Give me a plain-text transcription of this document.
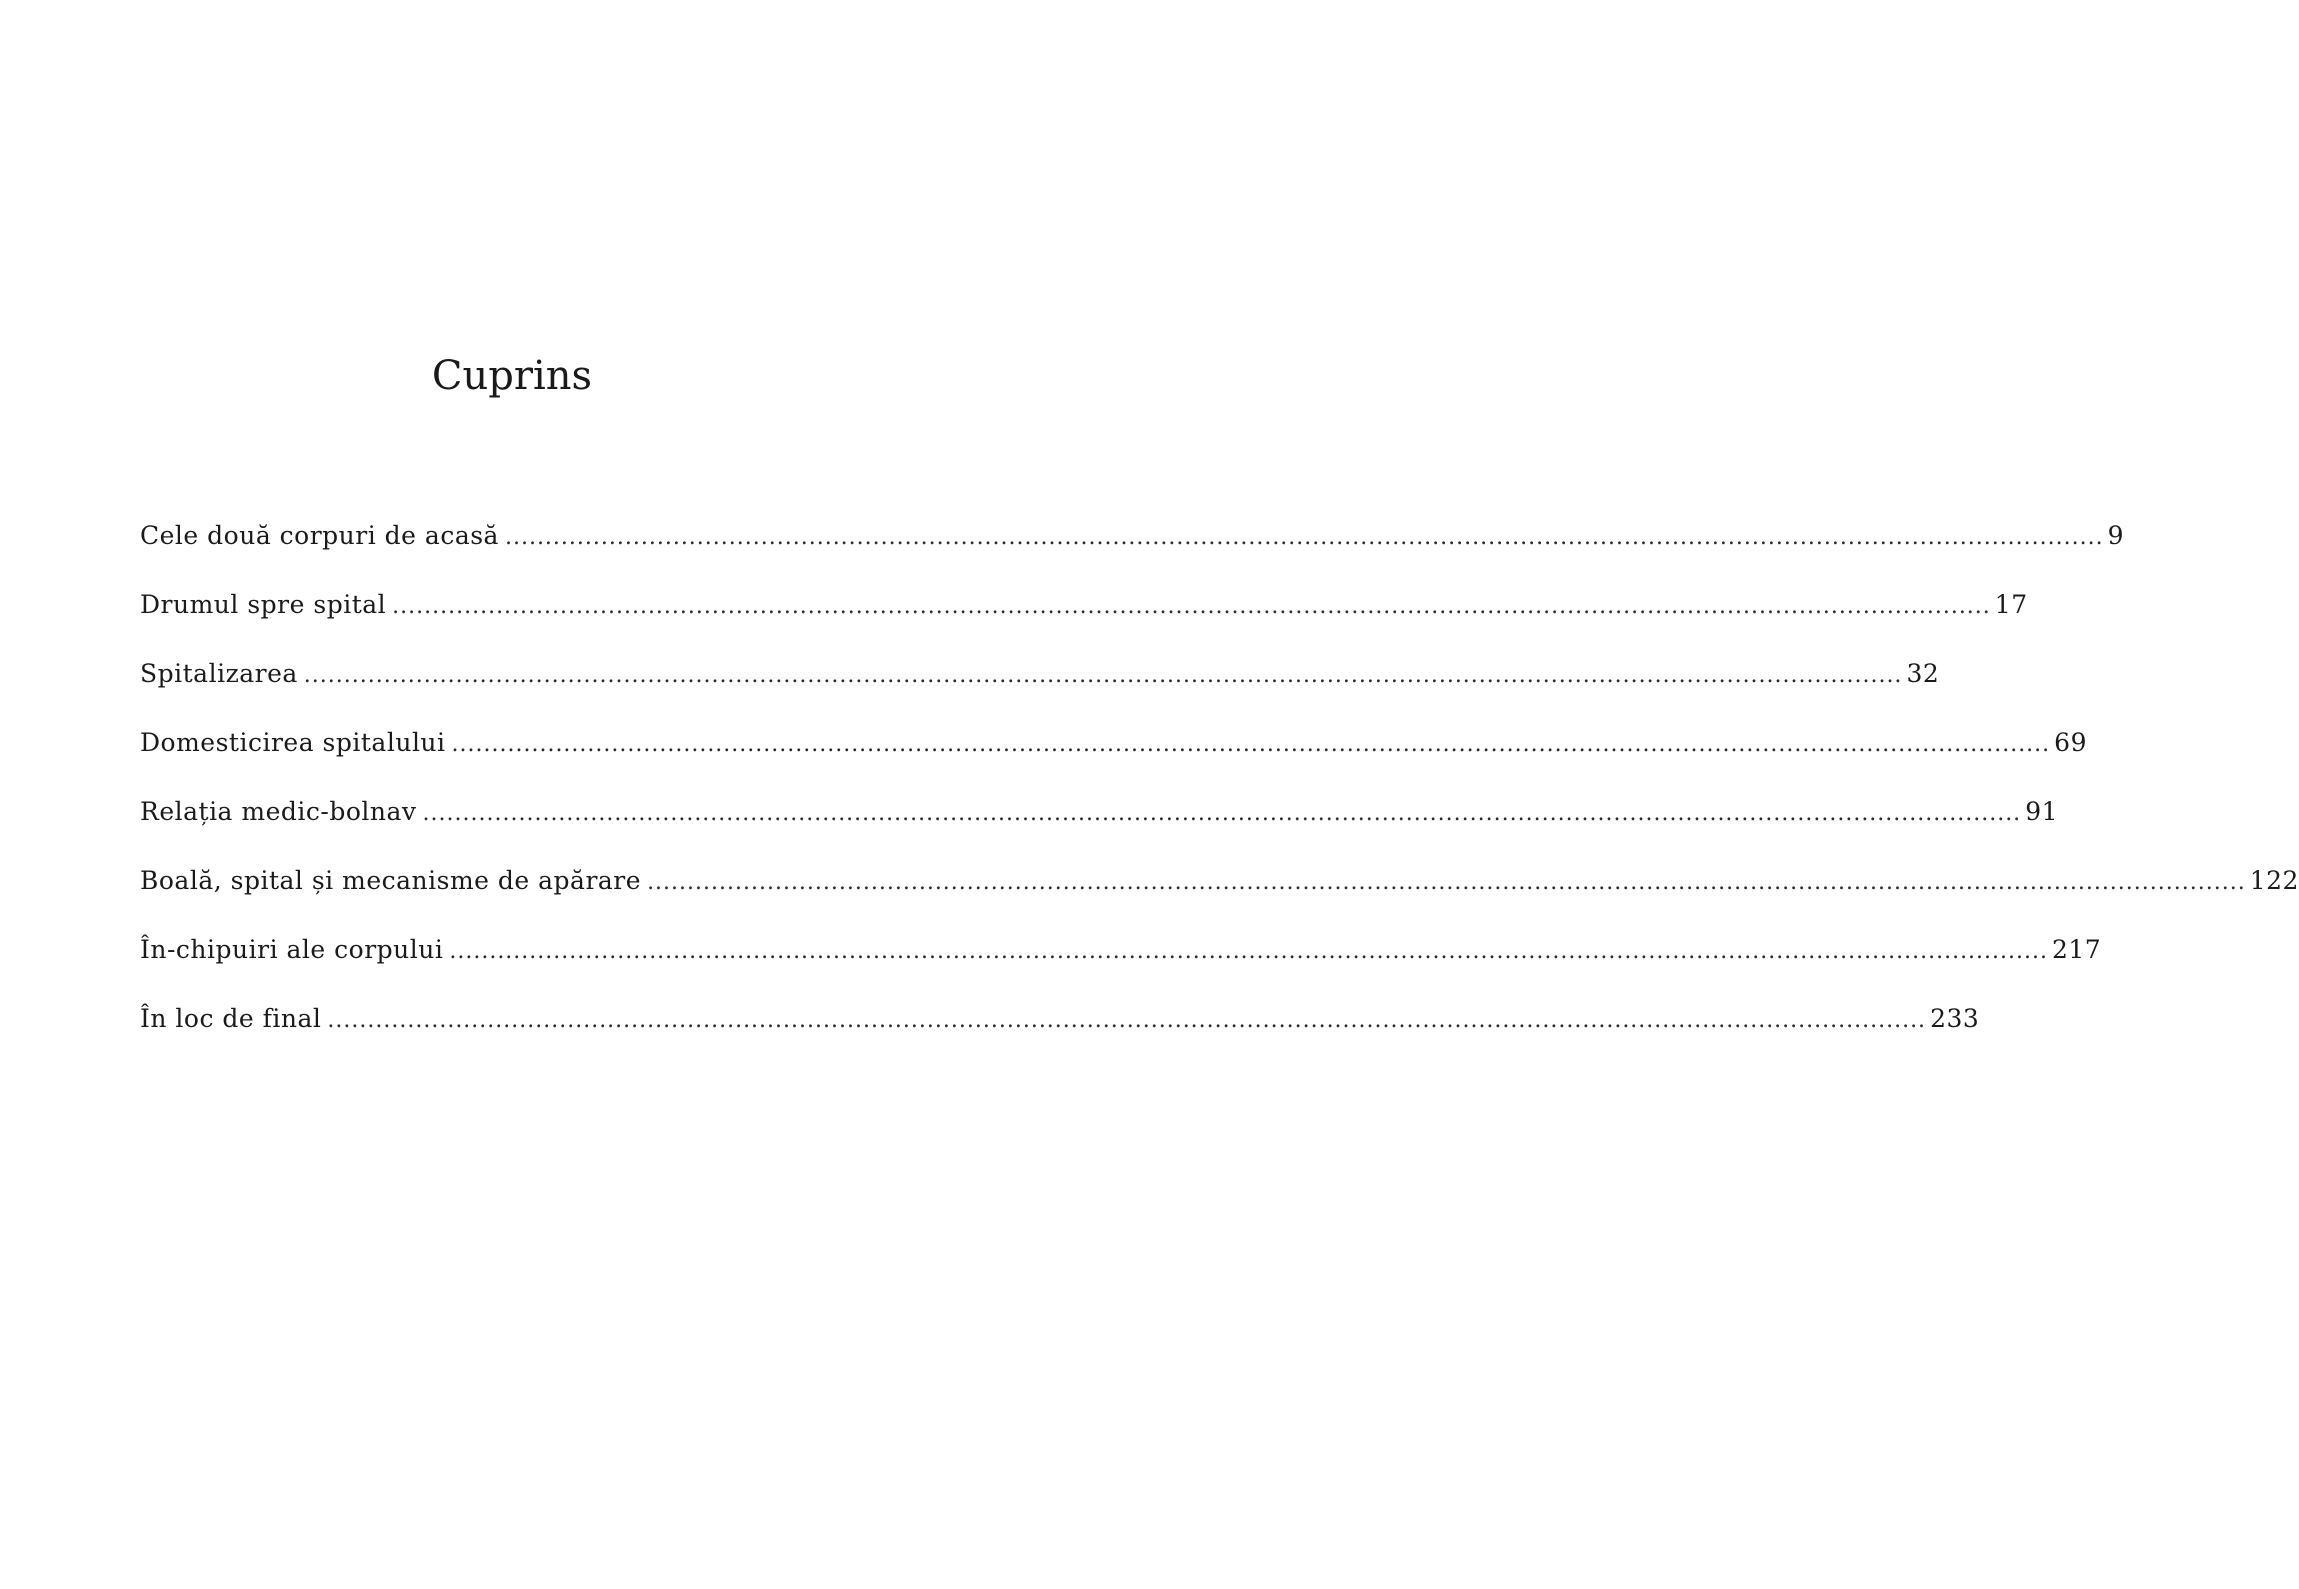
Cuprins
Cele două corpuri de acasă ........................................................................................................................................................................................................ 9
Drumul spre spital ........................................................................................................................................................................................................ 17
Spitalizarea ........................................................................................................................................................................................................ 32
Domesticirea spitalului ........................................................................................................................................................................................................ 69
Relația medic-bolnav ........................................................................................................................................................................................................ 91
Boală, spital și mecanisme de apărare ........................................................................................................................................................................................................ 122
În-chipuiri ale corpului ........................................................................................................................................................................................................ 217
În loc de final ........................................................................................................................................................................................................ 233
